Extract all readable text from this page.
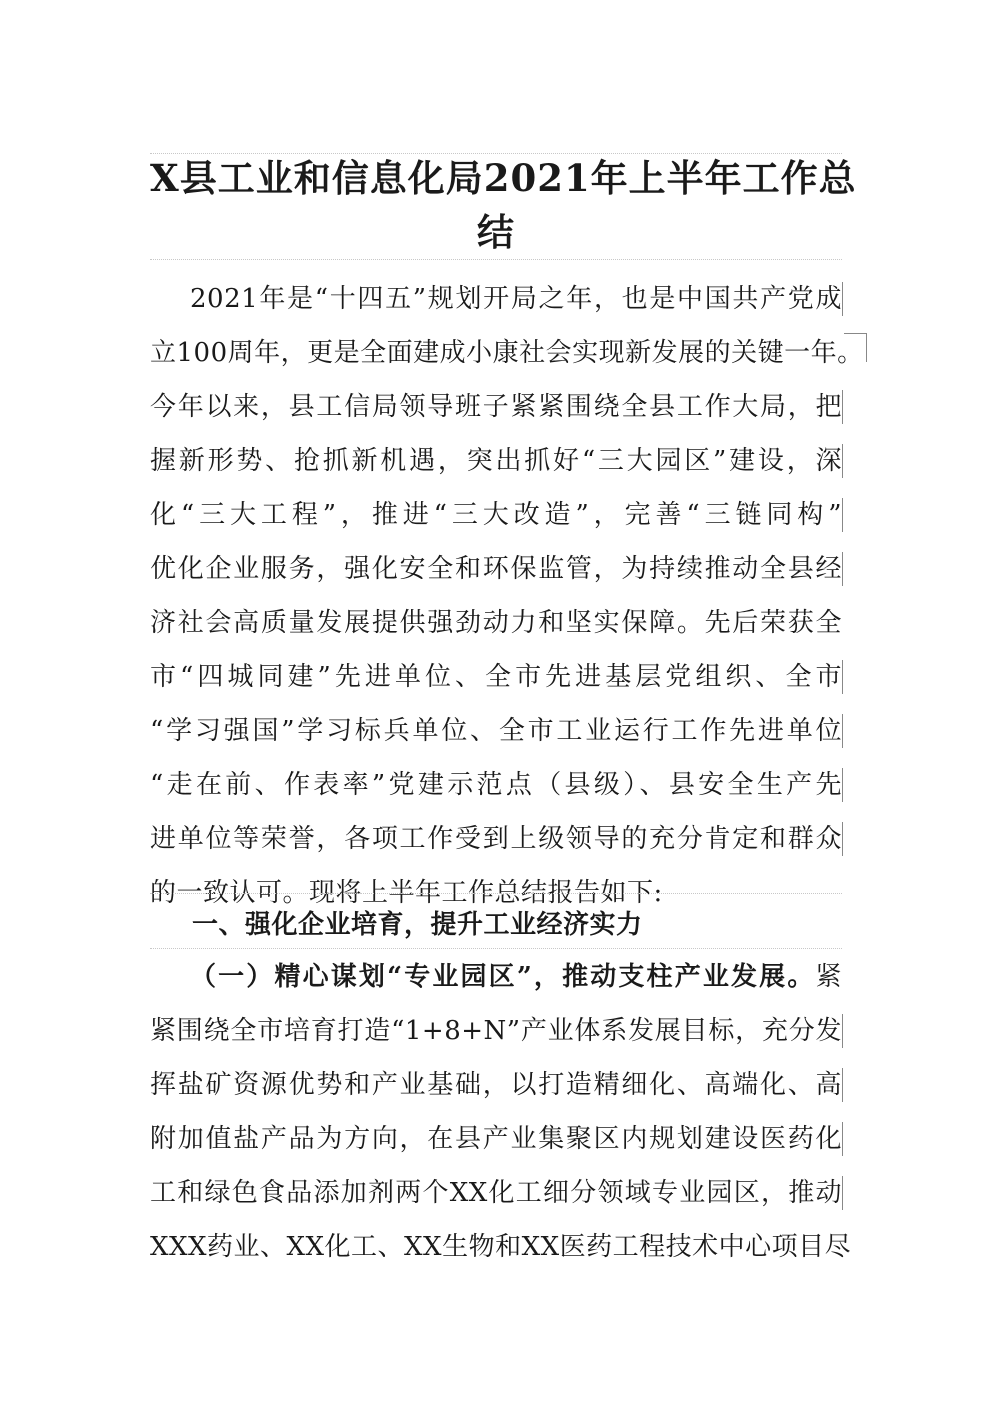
X县工业和信息化局2021年上半年工作总
结
2021年是“十四五”规划开局之年，也是中国共产党成
立100周年，更是全面建成小康社会实现新发展的关键一年。
今年以来，县工信局领导班子紧紧围绕全县工作大局，把
握新形势、抢抓新机遇，突出抓好“三大园区”建设，深
化“三大工程”，推进“三大改造”，完善“三链同构”
优化企业服务，强化安全和环保监管，为持续推动全县经
济社会高质量发展提供强劲动力和坚实保障。先后荣获全
市“四城同建”先进单位、全市先进基层党组织、全市
“学习强国”学习标兵单位、全市工业运行工作先进单位
“走在前、作表率”党建示范点（县级）、县安全生产先
进单位等荣誉，各项工作受到上级领导的充分肯定和群众
的一致认可。现将上半年工作总结报告如下:
一、强化企业培育，提升工业经济实力
（一）精心谋划“专业园区”，推动支柱产业发展。紧
紧围绕全市培育打造“1+8+N”产业体系发展目标，充分发
挥盐矿资源优势和产业基础，以打造精细化、高端化、高
附加值盐产品为方向，在县产业集聚区内规划建设医药化
工和绿色食品添加剂两个XX化工细分领域专业园区，推动
XXX药业、XX化工、XX生物和XX医药工程技术中心项目尽
